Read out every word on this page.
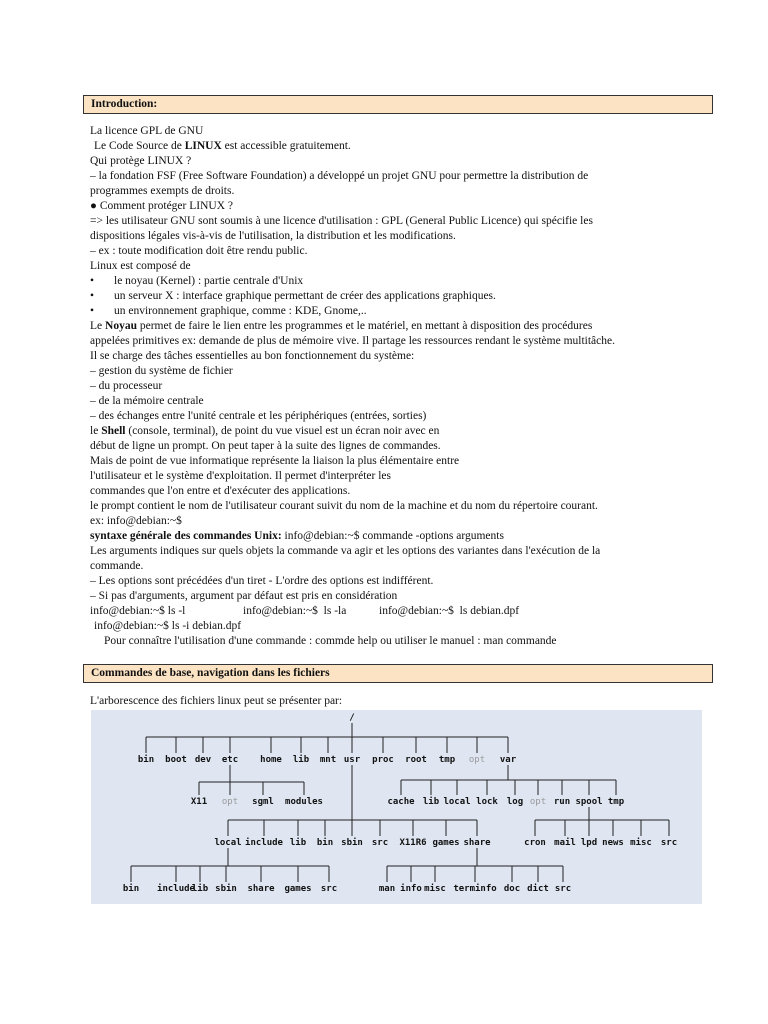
Introduction:
La licence GPL de GNU
Le Code Source de LINUX est accessible gratuitement.
Qui protège LINUX ?
– la fondation FSF (Free Software Foundation) a développé un projet GNU pour permettre la distribution de
programmes exempts de droits.
● Comment protéger LINUX ?
=> les utilisateur GNU sont soumis à une licence d'utilisation : GPL (General Public Licence) qui spécifie les
dispositions légales vis-à-vis de l'utilisation, la distribution et les modifications.
– ex : toute modification doit être rendu public.
Linux est composé de
• le noyau (Kernel) : partie centrale d'Unix
• un serveur X : interface graphique permettant de créer des applications graphiques.
• un environnement graphique, comme : KDE, Gnome,..
Le Noyau permet de faire le lien entre les programmes et le matériel, en mettant à disposition des procédures
appelées primitives ex: demande de plus de mémoire vive. Il partage les ressources rendant le système multitâche.
Il se charge des tâches essentielles au bon fonctionnement du système:
– gestion du système de fichier
– du processeur
– de la mémoire centrale
– des échanges entre l'unité centrale et les périphériques (entrées, sorties)
le Shell (console, terminal), de point du vue visuel est un écran noir avec en
début de ligne un prompt. On peut taper à la suite des lignes de commandes.
Mais de point de vue informatique représente la liaison la plus élémentaire entre
l'utilisateur et le système d'exploitation. Il permet d'interpréter les
commandes que l'on entre et d'exécuter des applications.
le prompt contient le nom de l'utilisateur courant suivit du nom de la machine et du nom du répertoire courant.
ex: info@debian:~$
syntaxe générale des commandes Unix: info@debian:~$ commande -options arguments
Les arguments indiques sur quels objets la commande va agir et les options des variantes dans l'exécution de la
commande.
– Les options sont précédées d'un tiret - L'ordre des options est indifférent.
– Si pas d'arguments, argument par défaut est pris en considération

info@debian:~$ ls -l

	info@debian:~$  ls -la

	info@debian:~$  ls debian.dpf

info@debian:~$ ls -i debian.dpf
Pour connaître l'utilisation d'une commande : commde help ou utiliser le manuel : man commande
Commandes de base, navigation dans les fichiers
L'arborescence des fichiers linux peut se présenter par:
/
bin boot dev etc home lib mnt usr proc root tmp opt var
X11 opt sgml modules	cache lib local lock log opt run spool tmp
local include lib bin sbin src X11R6 games share	cron mail lpd news misc src
bin include
lib sbin share games src	man info misc terminfo doc dict src
